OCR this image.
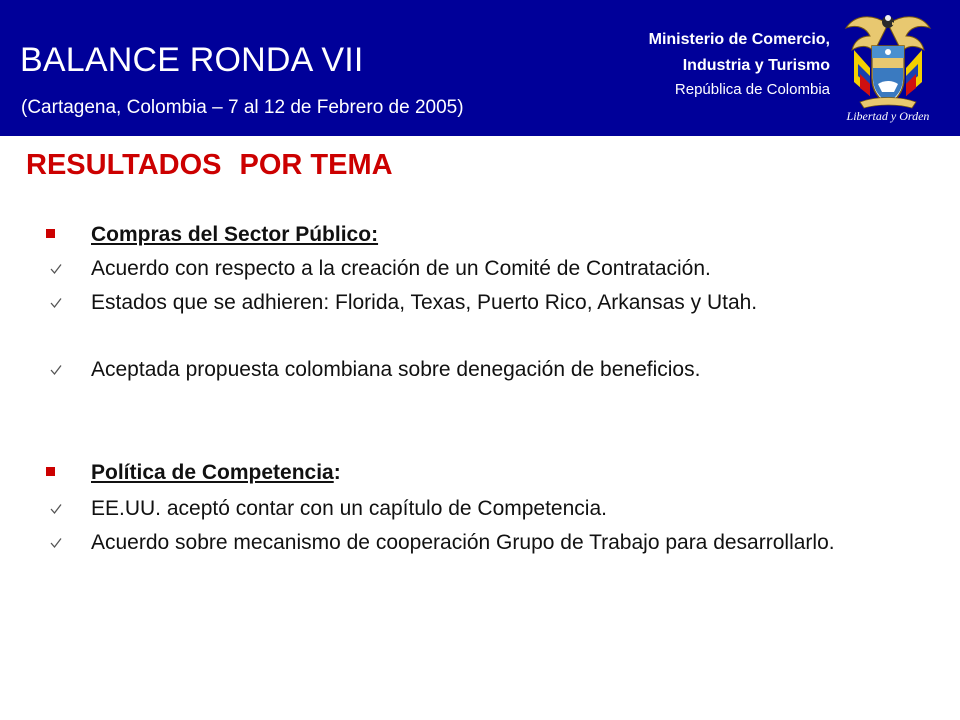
BALANCE RONDA VII
(Cartagena, Colombia – 7 al 12 de Febrero de 2005)
Ministerio de Comercio,
Industria y Turismo
República de Colombia
Libertad y Orden
RESULTADOS POR TEMA
Compras del Sector Público:
Acuerdo con respecto a la creación de un Comité de Contratación.
Estados que se adhieren: Florida, Texas, Puerto Rico, Arkansas y Utah.
Aceptada propuesta colombiana sobre denegación de beneficios.
Política de Competencia:
EE.UU. aceptó contar con un capítulo de Competencia.
Acuerdo sobre mecanismo de cooperación Grupo de Trabajo para desarrollarlo.
